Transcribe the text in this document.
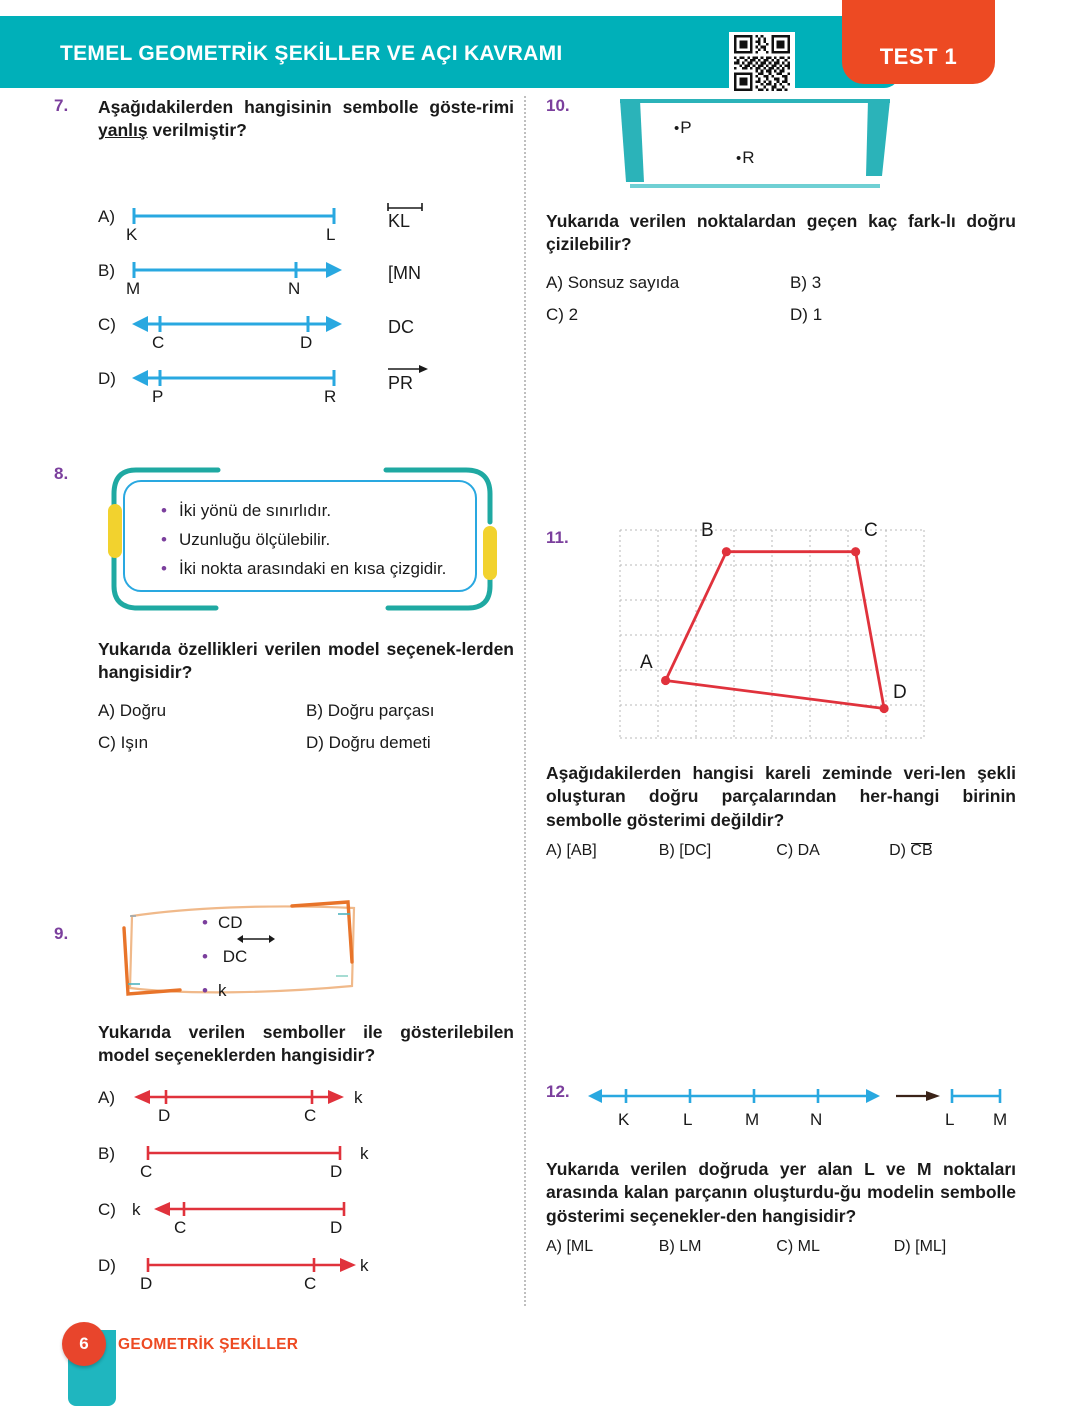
TEMEL GEOMETRİK ŞEKİLLER VE AÇI KAVRAMI	TEST 1
7. Aşağıdakilerden hangisinin sembolle göste-rimi yanlış verilmiştir?
A)
K	L
KL
B)
M	N
[MN
C)
C	D
DC
D)
P	R
PR
8.
• İki yönü de sınırlıdır.
• Uzunluğu ölçülebilir.
• İki nokta arasındaki en kısa çizgidir.
Yukarıda özellikleri verilen model seçenek-lerden hangisidir?
A) Doğru	B) Doğru parçası
C) Işın	D) Doğru demeti
9.
• CD
•
DC
• k
Yukarıda verilen semboller ile gösterilebilen model seçeneklerden hangisidir?
A)
D	C
k
B)
C	D
k
C) k
C	D
D)
D	C
k
10.
• P
• R
Yukarıda verilen noktalardan geçen kaç fark-lı doğru çizilebilir?
A) Sonsuz sayıda	B) 3
C) 2	D) 1
11.
A
B	C
D
Aşağıdakilerden hangisi kareli zeminde veri-len şekli oluşturan doğru parçalarından her-hangi birinin sembolle gösterimi değildir?
A) [AB]	B) [DC]	C) DA	D)
CB
12.
K	L	M	N	L M
Yukarıda verilen doğruda yer alan L ve M noktaları arasında kalan parçanın oluşturdu-ğu modelin sembolle gösterimi seçenekler-den hangisidir?
A) [ML	B) LM	C) ML	D) [ML]
6	GEOMETRİK ŞEKİLLER
